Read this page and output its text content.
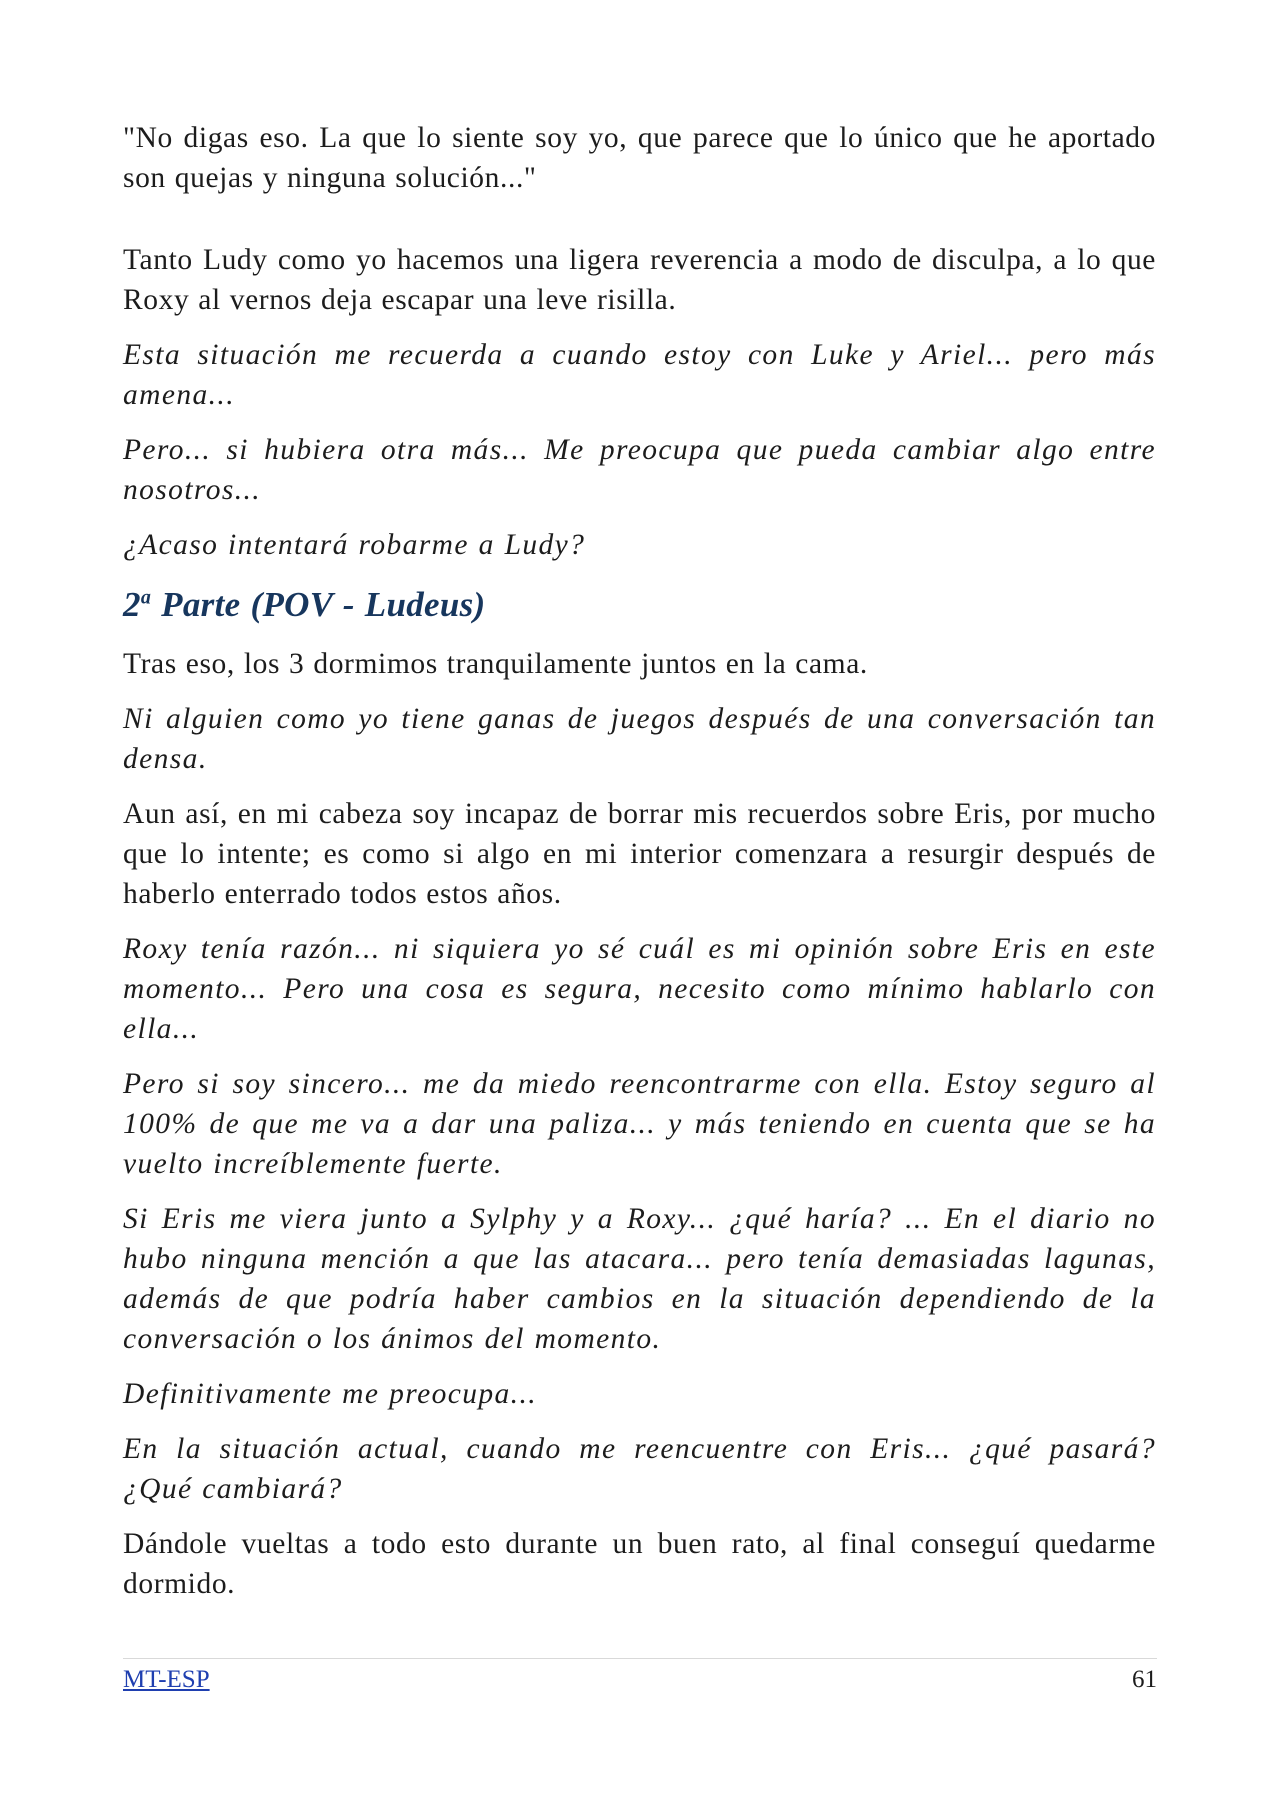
"No digas eso. La que lo siente soy yo, que parece que lo único que he aportado son quejas y ninguna solución..."

Tanto Ludy como yo hacemos una ligera reverencia a modo de disculpa, a lo que Roxy al vernos deja escapar una leve risilla.

Esta situación me recuerda a cuando estoy con Luke y Ariel... pero más amena...

Pero... si hubiera otra más... Me preocupa que pueda cambiar algo entre nosotros...

¿Acaso intentará robarme a Ludy?

2$^a$ Parte (POV - Ludeus)

Tras eso, los 3 dormimos tranquilamente juntos en la cama.

Ni alguien como yo tiene ganas de juegos después de una conversación tan densa.

Aun así, en mi cabeza soy incapaz de borrar mis recuerdos sobre Eris, por mucho que lo intente; es como si algo en mi interior comenzara a resurgir después de haberlo enterrado todos estos años.

Roxy tenía razón... ni siquiera yo sé cuál es mi opinión sobre Eris en este momento... Pero una cosa es segura, necesito como mínimo hablarlo con ella...

Pero si soy sincero... me da miedo reencontrarme con ella. Estoy seguro al 100% de que me va a dar una paliza... y más teniendo en cuenta que se ha vuelto increíblemente fuerte.

Si Eris me viera junto a Sylphy y a Roxy... ¿qué haría? ... En el diario no hubo ninguna mención a que las atacara... pero tenía demasiadas lagunas, además de que podría haber cambios en la situación dependiendo de la conversación o los ánimos del momento.

Definitivamente me preocupa...

En la situación actual, cuando me reencuentre con Eris... ¿qué pasará? ¿Qué cambiará?

Dándole vueltas a todo esto durante un buen rato, al final conseguí quedarme dormido.

MT-ESP	61
